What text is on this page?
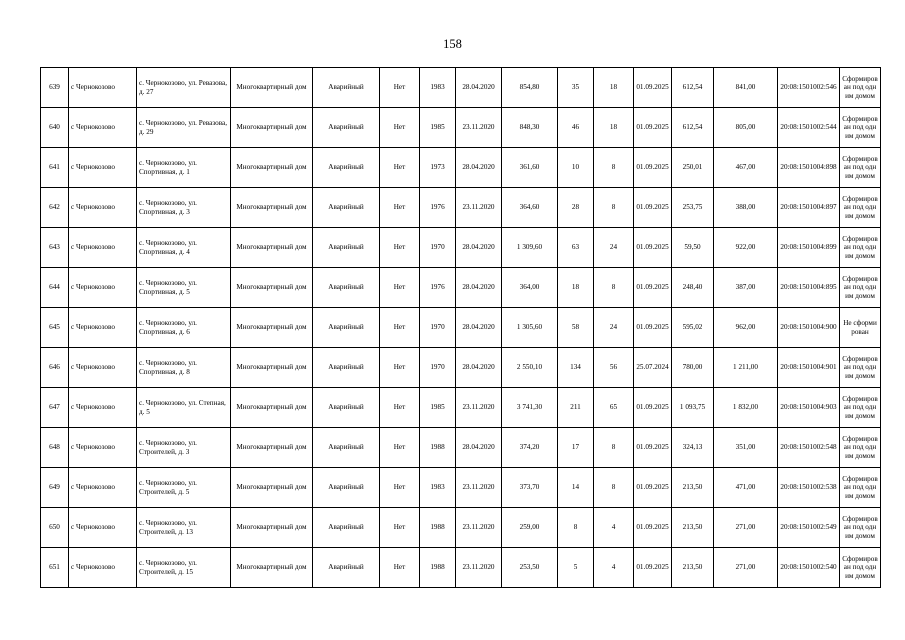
158
639	с Чернокозово	с. Чернокозово, ул. Ревазова, д. 27	Многоквартирный дом	Аварийный	Нет	1983	28.04.2020	854,80	35	18	01.09.2025	612,54	841,00	20:08:1501002:546	Сформирован под одним домом
640	с Чернокозово	с. Чернокозово, ул. Ревазова, д. 29	Многоквартирный дом	Аварийный	Нет	1985	23.11.2020	848,30	46	18	01.09.2025	612,54	805,00	20:08:1501002:544	Сформирован под одним домом
641	с Чернокозово	с. Чернокозово, ул. Спортивная, д. 1	Многоквартирный дом	Аварийный	Нет	1973	28.04.2020	361,60	10	8	01.09.2025	250,01	467,00	20:08:1501004:898	Сформирован под одним домом
642	с Чернокозово	с. Чернокозово, ул. Спортивная, д. 3	Многоквартирный дом	Аварийный	Нет	1976	23.11.2020	364,60	28	8	01.09.2025	253,75	388,00	20:08:1501004:897	Сформирован под одним домом
643	с Чернокозово	с. Чернокозово, ул. Спортивная, д. 4	Многоквартирный дом	Аварийный	Нет	1970	28.04.2020	1 309,60	63	24	01.09.2025	59,50	922,00	20:08:1501004:899	Сформирован под одним домом
644	с Чернокозово	с. Чернокозово, ул. Спортивная, д. 5	Многоквартирный дом	Аварийный	Нет	1976	28.04.2020	364,00	18	8	01.09.2025	248,40	387,00	20:08:1501004:895	Сформирован под одним домом
645	с Чернокозово	с. Чернокозово, ул. Спортивная, д. 6	Многоквартирный дом	Аварийный	Нет	1970	28.04.2020	1 305,60	58	24	01.09.2025	595,02	962,00	20:08:1501004:900	Не сформирован
646	с Чернокозово	с. Чернокозово, ул. Спортивная, д. 8	Многоквартирный дом	Аварийный	Нет	1970	28.04.2020	2 550,10	134	56	25.07.2024	780,00	1 211,00	20:08:1501004:901	Сформирован под одним домом
647	с Чернокозово	с. Чернокозово, ул. Степная, д. 5	Многоквартирный дом	Аварийный	Нет	1985	23.11.2020	3 741,30	211	65	01.09.2025	1 093,75	1 832,00	20:08:1501004:903	Сформирован под одним домом
648	с Чернокозово	с. Чернокозово, ул. Строителей, д. 3	Многоквартирный дом	Аварийный	Нет	1988	28.04.2020	374,20	17	8	01.09.2025	324,13	351,00	20:08:1501002:548	Сформирован под одним домом
649	с Чернокозово	с. Чернокозово, ул. Строителей, д. 5	Многоквартирный дом	Аварийный	Нет	1983	23.11.2020	373,70	14	8	01.09.2025	213,50	471,00	20:08:1501002:538	Сформирован под одним домом
650	с Чернокозово	с. Чернокозово, ул. Строителей, д. 13	Многоквартирный дом	Аварийный	Нет	1988	23.11.2020	259,00	8	4	01.09.2025	213,50	271,00	20:08:1501002:549	Сформирован под одним домом
651	с Чернокозово	с. Чернокозово, ул. Строителей, д. 15	Многоквартирный дом	Аварийный	Нет	1988	23.11.2020	253,50	5	4	01.09.2025	213,50	271,00	20:08:1501002:540	Сформирован под одним домом
